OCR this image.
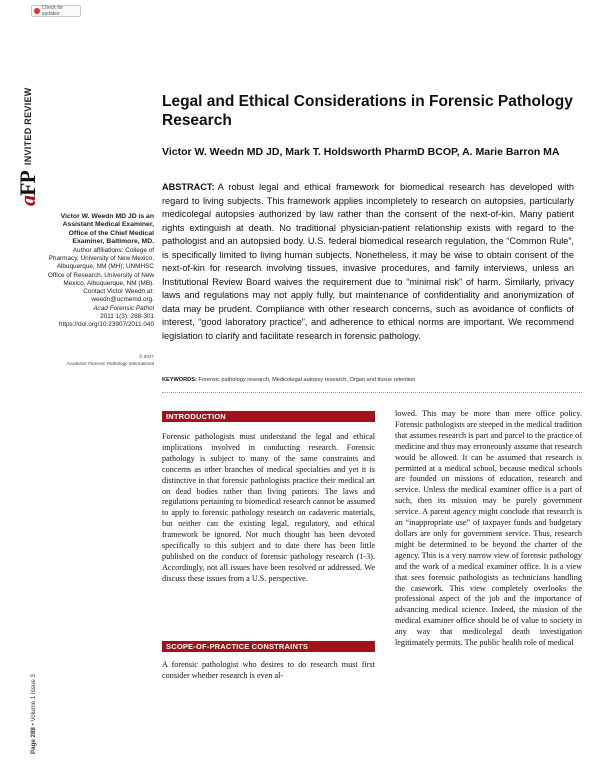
Check for updates
aFP
INVITED REVIEW	Legal and Ethical Considerations in Forensic Pathology Research
Victor W. Weedn MD JD, Mark T. Holdsworth PharmD BCOP, A. Marie Barron MA
ABSTRACT: A robust legal and ethical framework for biomedical research has developed with regard to living subjects. This framework applies incompletely to research on autopsies, particularly medicolegal autopsies authorized by law rather than the consent of the next-of-kin. Many patient rights extinguish at death. No traditional physician-patient relationship exists with regard to the pathologist and an autopsied body. U.S. federal biomedical research regulation, the “Common Rule”, is specifically limited to living human subjects. Nonetheless, it may be wise to obtain consent of the next-of-kin for research involving tissues, invasive procedures, and family interviews, unless an Institutional Review Board waives the requirement due to “minimal risk” of harm. Similarly, privacy laws and regulations may not apply fully, but maintenance of confidentiality and anonymization of data may be prudent. Compliance with other research concerns, such as avoidance of conflicts of interest, “good laboratory practice”, and adherence to ethical norms are important. We recommend legislation to clarify and facilitate research in forensic pathology.
KEYWORDS: Forensic pathology research, Medicolegal autopsy research, Organ and tissue retention
Victor W. Weedn MD JD is an Assistant Medical Examiner, Office of the Chief Medical Examiner, Baltimore, MD.
Author affiliations: College of Pharmacy, University of New Mexico, Albuquerque, NM (MH); UNMHSC Office of Research, University of New Mexico, Albuquerque, NM (MB).
Contact Victor Weedn at: weedn@ocmemd.org.
Acad Forensic Pathol
2011 1(3): 288-301
https://doi.org/10.23907/2011.040
© 2017
Academic Forensic Pathology International
INTRODUCTION
Forensic pathologists must understand the legal and ethical implications involved in conducting research. Forensic pathology is subject to many of the same constraints and concerns as other branches of medical specialties and yet it is distinctive in that forensic pathologists practice their medical art on dead bodies rather than living patients. The laws and regulations pertaining to biomedical research cannot be assumed to apply to forensic pathology research on cadaveric materials, but neither can the existing legal, regulatory, and ethical framework be ignored. Not much thought has been devoted specifically to this subject and to date there has been little published on the conduct of forensic pathology research (1-3). Accordingly, not all issues have been resolved or addressed. We discuss these issues from a U.S. perspective.
SCOPE-OF-PRACTICE CONSTRAINTS
A forensic pathologist who desires to do research must first consider whether research is even al-
lowed. This may be more than mere office policy. Forensic pathologists are steeped in the medical tradition that assumes research is part and parcel to the practice of medicine and thus may erroneously assume that research would be allowed. It can be assumed that research is permitted at a medical school, because medical schools are founded on missions of education, research and service. Unless the medical examiner office is a part of such, then its mission may be purely government service. A parent agency might conclude that research is an “inappropriate use” of taxpayer funds and budgetary dollars are only for government service. Thus, research might be determined to be beyond the charter of the agency. This is a very narrow view of forensic pathology and the work of a medical examiner office. It is a view that sees forensic pathologists as technicians handling the casework. This view completely overlooks the professional aspect of the job and the importance of advancing medical science. Indeed, the mission of the medical examiner office should be of value to society in any way that medicolegal death investigation legitimately permits. The public health role of medical
Page 288 • Volume 1 Issue 3
